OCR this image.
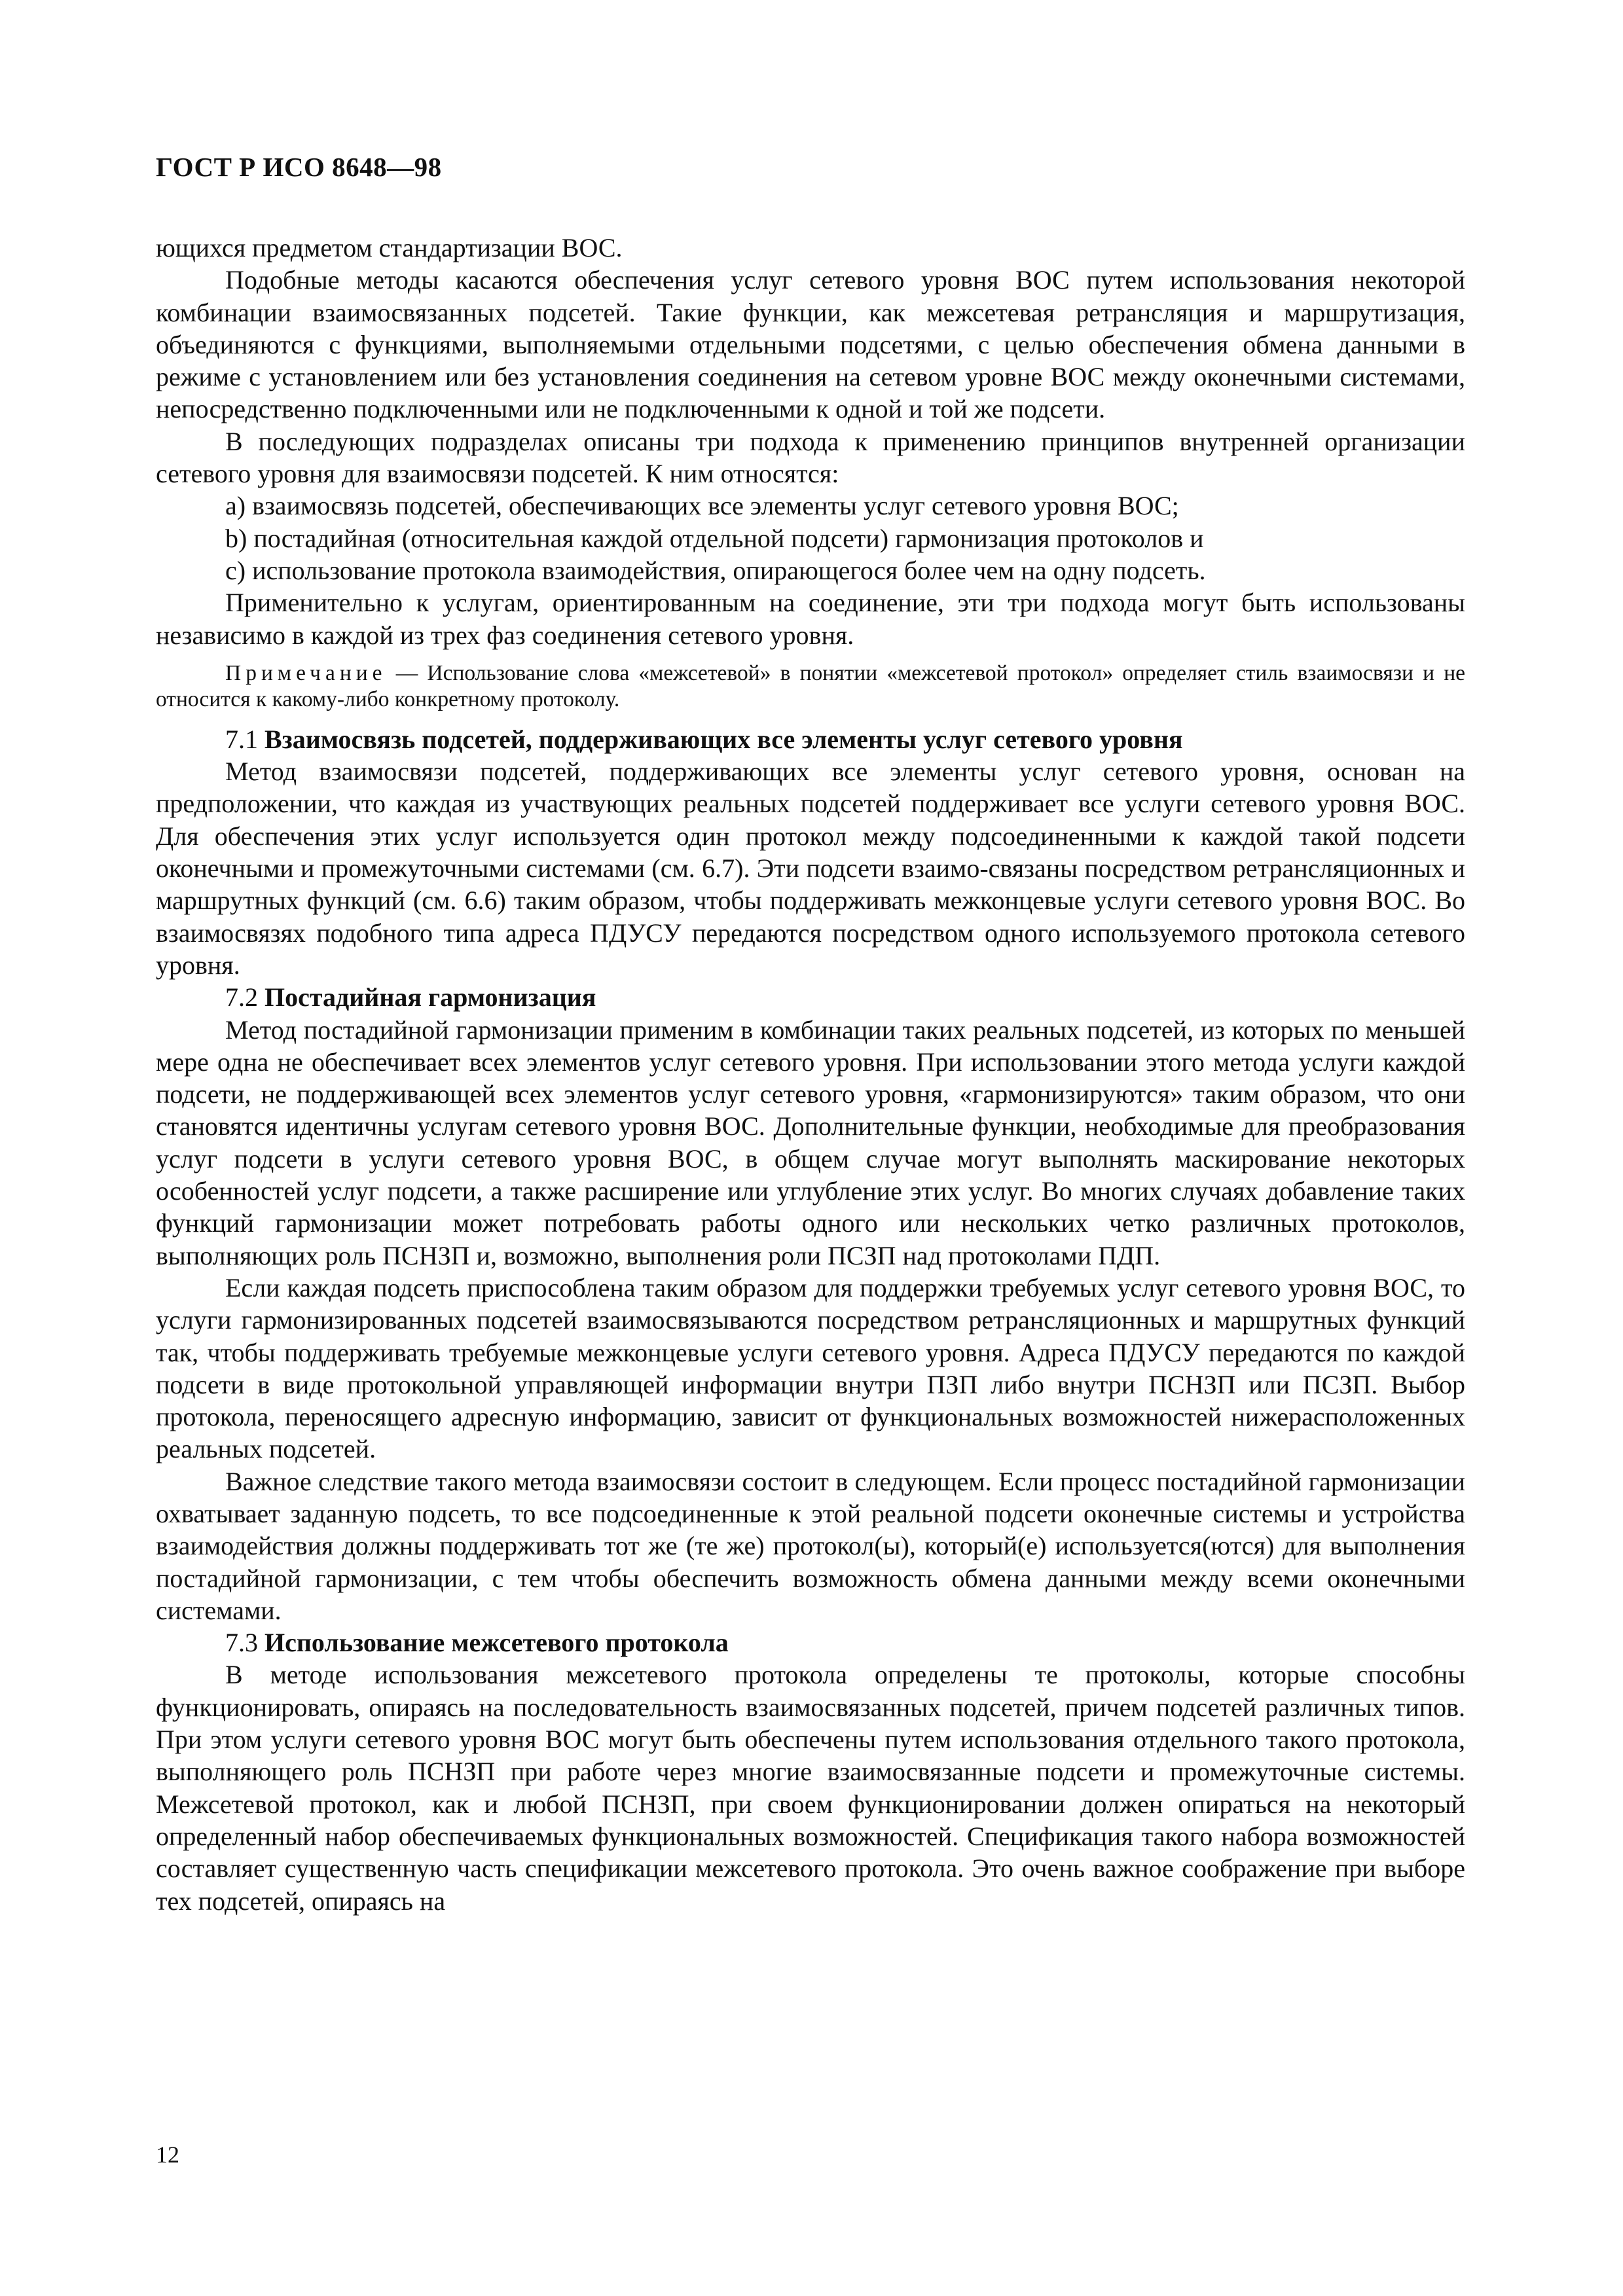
ГОСТ Р ИСО 8648—98

ющихся предметом стандартизации ВОС.

Подобные методы касаются обеспечения услуг сетевого уровня ВОС путем использования некоторой комбинации взаимосвязанных подсетей. Такие функции, как межсетевая ретрансляция и маршрутизация, объединяются с функциями, выполняемыми отдельными подсетями, с целью обеспечения обмена данными в режиме с установлением или без установления соединения на сетевом уровне ВОС между оконечными системами, непосредственно подключенными или не подключенными к одной и той же подсети.

В последующих подразделах описаны три подхода к применению принципов внутренней организации сетевого уровня для взаимосвязи подсетей. К ним относятся:

a) взаимосвязь подсетей, обеспечивающих все элементы услуг сетевого уровня ВОС;

b) постадийная (относительная каждой отдельной подсети) гармонизация протоколов и

c) использование протокола взаимодействия, опирающегося более чем на одну подсеть.

Применительно к услугам, ориентированным на соединение, эти три подхода могут быть использованы независимо в каждой из трех фаз соединения сетевого уровня.

Примечание — Использование слова «межсетевой» в понятии «межсетевой протокол» определяет стиль взаимосвязи и не относится к какому-либо конкретному протоколу.

7.1 Взаимосвязь подсетей, поддерживающих все элементы услуг сетевого уровня

Метод взаимосвязи подсетей, поддерживающих все элементы услуг сетевого уровня, основан на предположении, что каждая из участвующих реальных подсетей поддерживает все услуги сетевого уровня ВОС. Для обеспечения этих услуг используется один протокол между подсоединенными к каждой такой подсети оконечными и промежуточными системами (см. 6.7). Эти подсети взаимо-связаны посредством ретрансляционных и маршрутных функций (см. 6.6) таким образом, чтобы поддерживать межконцевые услуги сетевого уровня ВОС. Во взаимосвязях подобного типа адреса ПДУСУ передаются посредством одного используемого протокола сетевого уровня.

7.2 Постадийная гармонизация

Метод постадийной гармонизации применим в комбинации таких реальных подсетей, из которых по меньшей мере одна не обеспечивает всех элементов услуг сетевого уровня. При использовании этого метода услуги каждой подсети, не поддерживающей всех элементов услуг сетевого уровня, «гармонизируются» таким образом, что они становятся идентичны услугам сетевого уровня ВОС. Дополнительные функции, необходимые для преобразования услуг подсети в услуги сетевого уровня ВОС, в общем случае могут выполнять маскирование некоторых особенностей услуг подсети, а также расширение или углубление этих услуг. Во многих случаях добавление таких функций гармонизации может потребовать работы одного или нескольких четко различных протоколов, выполняющих роль ПСНЗП и, возможно, выполнения роли ПСЗП над протоколами ПДП.

Если каждая подсеть приспособлена таким образом для поддержки требуемых услуг сетевого уровня ВОС, то услуги гармонизированных подсетей взаимосвязываются посредством ретрансляционных и маршрутных функций так, чтобы поддерживать требуемые межконцевые услуги сетевого уровня. Адреса ПДУСУ передаются по каждой подсети в виде протокольной управляющей информации внутри ПЗП либо внутри ПСНЗП или ПСЗП. Выбор протокола, переносящего адресную информацию, зависит от функциональных возможностей нижерасположенных реальных подсетей.

Важное следствие такого метода взаимосвязи состоит в следующем. Если процесс постадийной гармонизации охватывает заданную подсеть, то все подсоединенные к этой реальной подсети оконечные системы и устройства взаимодействия должны поддерживать тот же (те же) протокол(ы), который(е) используется(ются) для выполнения постадийной гармонизации, с тем чтобы обеспечить возможность обмена данными между всеми оконечными системами.

7.3 Использование межсетевого протокола

В методе использования межсетевого протокола определены те протоколы, которые способны функционировать, опираясь на последовательность взаимосвязанных подсетей, причем подсетей различных типов. При этом услуги сетевого уровня ВОС могут быть обеспечены путем использования отдельного такого протокола, выполняющего роль ПСНЗП при работе через многие взаимосвязанные подсети и промежуточные системы. Межсетевой протокол, как и любой ПСНЗП, при своем функционировании должен опираться на некоторый определенный набор обеспечиваемых функциональных возможностей. Спецификация такого набора возможностей составляет существенную часть спецификации межсетевого протокола. Это очень важное соображение при выборе тех подсетей, опираясь на

12
